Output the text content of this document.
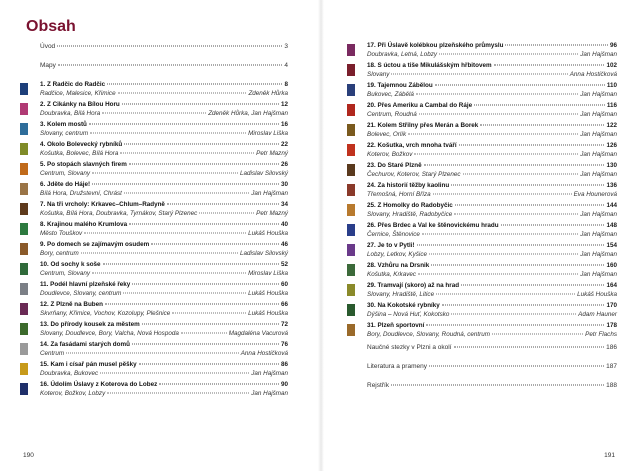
Obsah
Úvod	3
Mapy	4
1. Z Radčic do Radčic	8
Radčice, Malesice, Křimice	Zdeněk Hůrka
2. Z Cikánky na Bílou Horu	12
Doubravka, Bílá Hora	Zdeněk Hůrka, Jan Hajšman
3. Kolem mostů	16
Slovany, centrum	Miroslav Liška
4. Okolo Bolevecký rybníků	22
Košutka, Bolevec, Bílá Hora	Petr Mazný
5. Po stopách slavných firem	26
Centrum, Slovany	Ladislav Silovský
6. Jděte do Háje!	30
Bílá Hora, Družstevní, Chrást	Jan Hajšman
7. Na tři vrcholy: Krkavec–Chlum–Radyně	34
Košutka, Bílá Hora, Doubravka, Tyrnákov, Starý Plzenec	Petr Mazný
8. Krajinou malého Krumlova	40
Město Touškov	Lukáš Houška
9. Po domech se zajímavým osudem	46
Bory, centrum	Ladislav Silovský
10. Od sochy k soše	52
Centrum, Slovany	Miroslav Liška
11. Podél hlavní plzeňské řeky	60
Doudlevce, Slovany, centrum	Lukáš Houška
12. Z Plzně na Buben	66
Skvrňany, Křimice, Vochov, Kozolupy, Plešnice	Lukáš Houška
13. Do přírody kousek za městem	72
Slovany, Doudlevce, Bory, Valcha, Nová Hospoda	Magdaléna Vacurová
14. Za fasádami starých domů	76
Centrum	Anna Hostičková
15. Kam i císař pán musel pěšky	86
Doubravka, Bukovec	Jan Hajšman
16. Údolím Úslavy z Koterova do Lobez	90
Koterov, Božkov, Lobzy	Jan Hajšman
190
17. Při Úslavě kolébkou plzeňského průmyslu	96
Doubravka, Letná, Lobzy	Jan Hajšman
18. S úctou a tiše Mikulášským hřbitovem	102
Slovany	Anna Hostičková
19. Tajemnou Zábělou	110
Bukovec, Zábělá	Jan Hajšman
20. Přes Ameriku a Cambal do Ráje	116
Centrum, Roudná	Jan Hajšman
21. Kolem Střilny přes Merán a Borek	122
Bolevec, Orlík	Jan Hajšman
22. Košutka, vrch mnoha tváří	126
Koterov, Božkov	Jan Hajšman
23. Do Staré Plzně	130
Čechurov, Koterov, Starý Plzenec	Jan Hajšman
24. Za historií těžby kaolinu	136
Třemošná, Horní Bříza	Eva Hounerová
25. Z Homolky do Radobyčic	144
Slovany, Hradiště, Radobyčice	Jan Hajšman
26. Přes Brdec a Val ke štěnovickému hradu	148
Černice, Štěnovice	Jan Hajšman
27. Je to v Pytli!	154
Lobzy, Letkov, Kyšice	Jan Hajšman
28. Vzhůru na Drsnik	160
Košutka, Krkavec	Jan Hajšman
29. Tramvají (skoro) až na hrad	164
Slovany, Hradiště, Litice	Lukáš Houška
30. Na Kokotské rybníky	170
Dýšina – Nová Huť, Kokotsko	Adam Hauner
31. Plzeň sportovní	178
Bory, Doudlevce, Slovany, Roudná, centrum	Petr Flachs
Naučné stezky v Plzni a okolí	186
Literatura a prameny	187
Rejstřík	188
191
